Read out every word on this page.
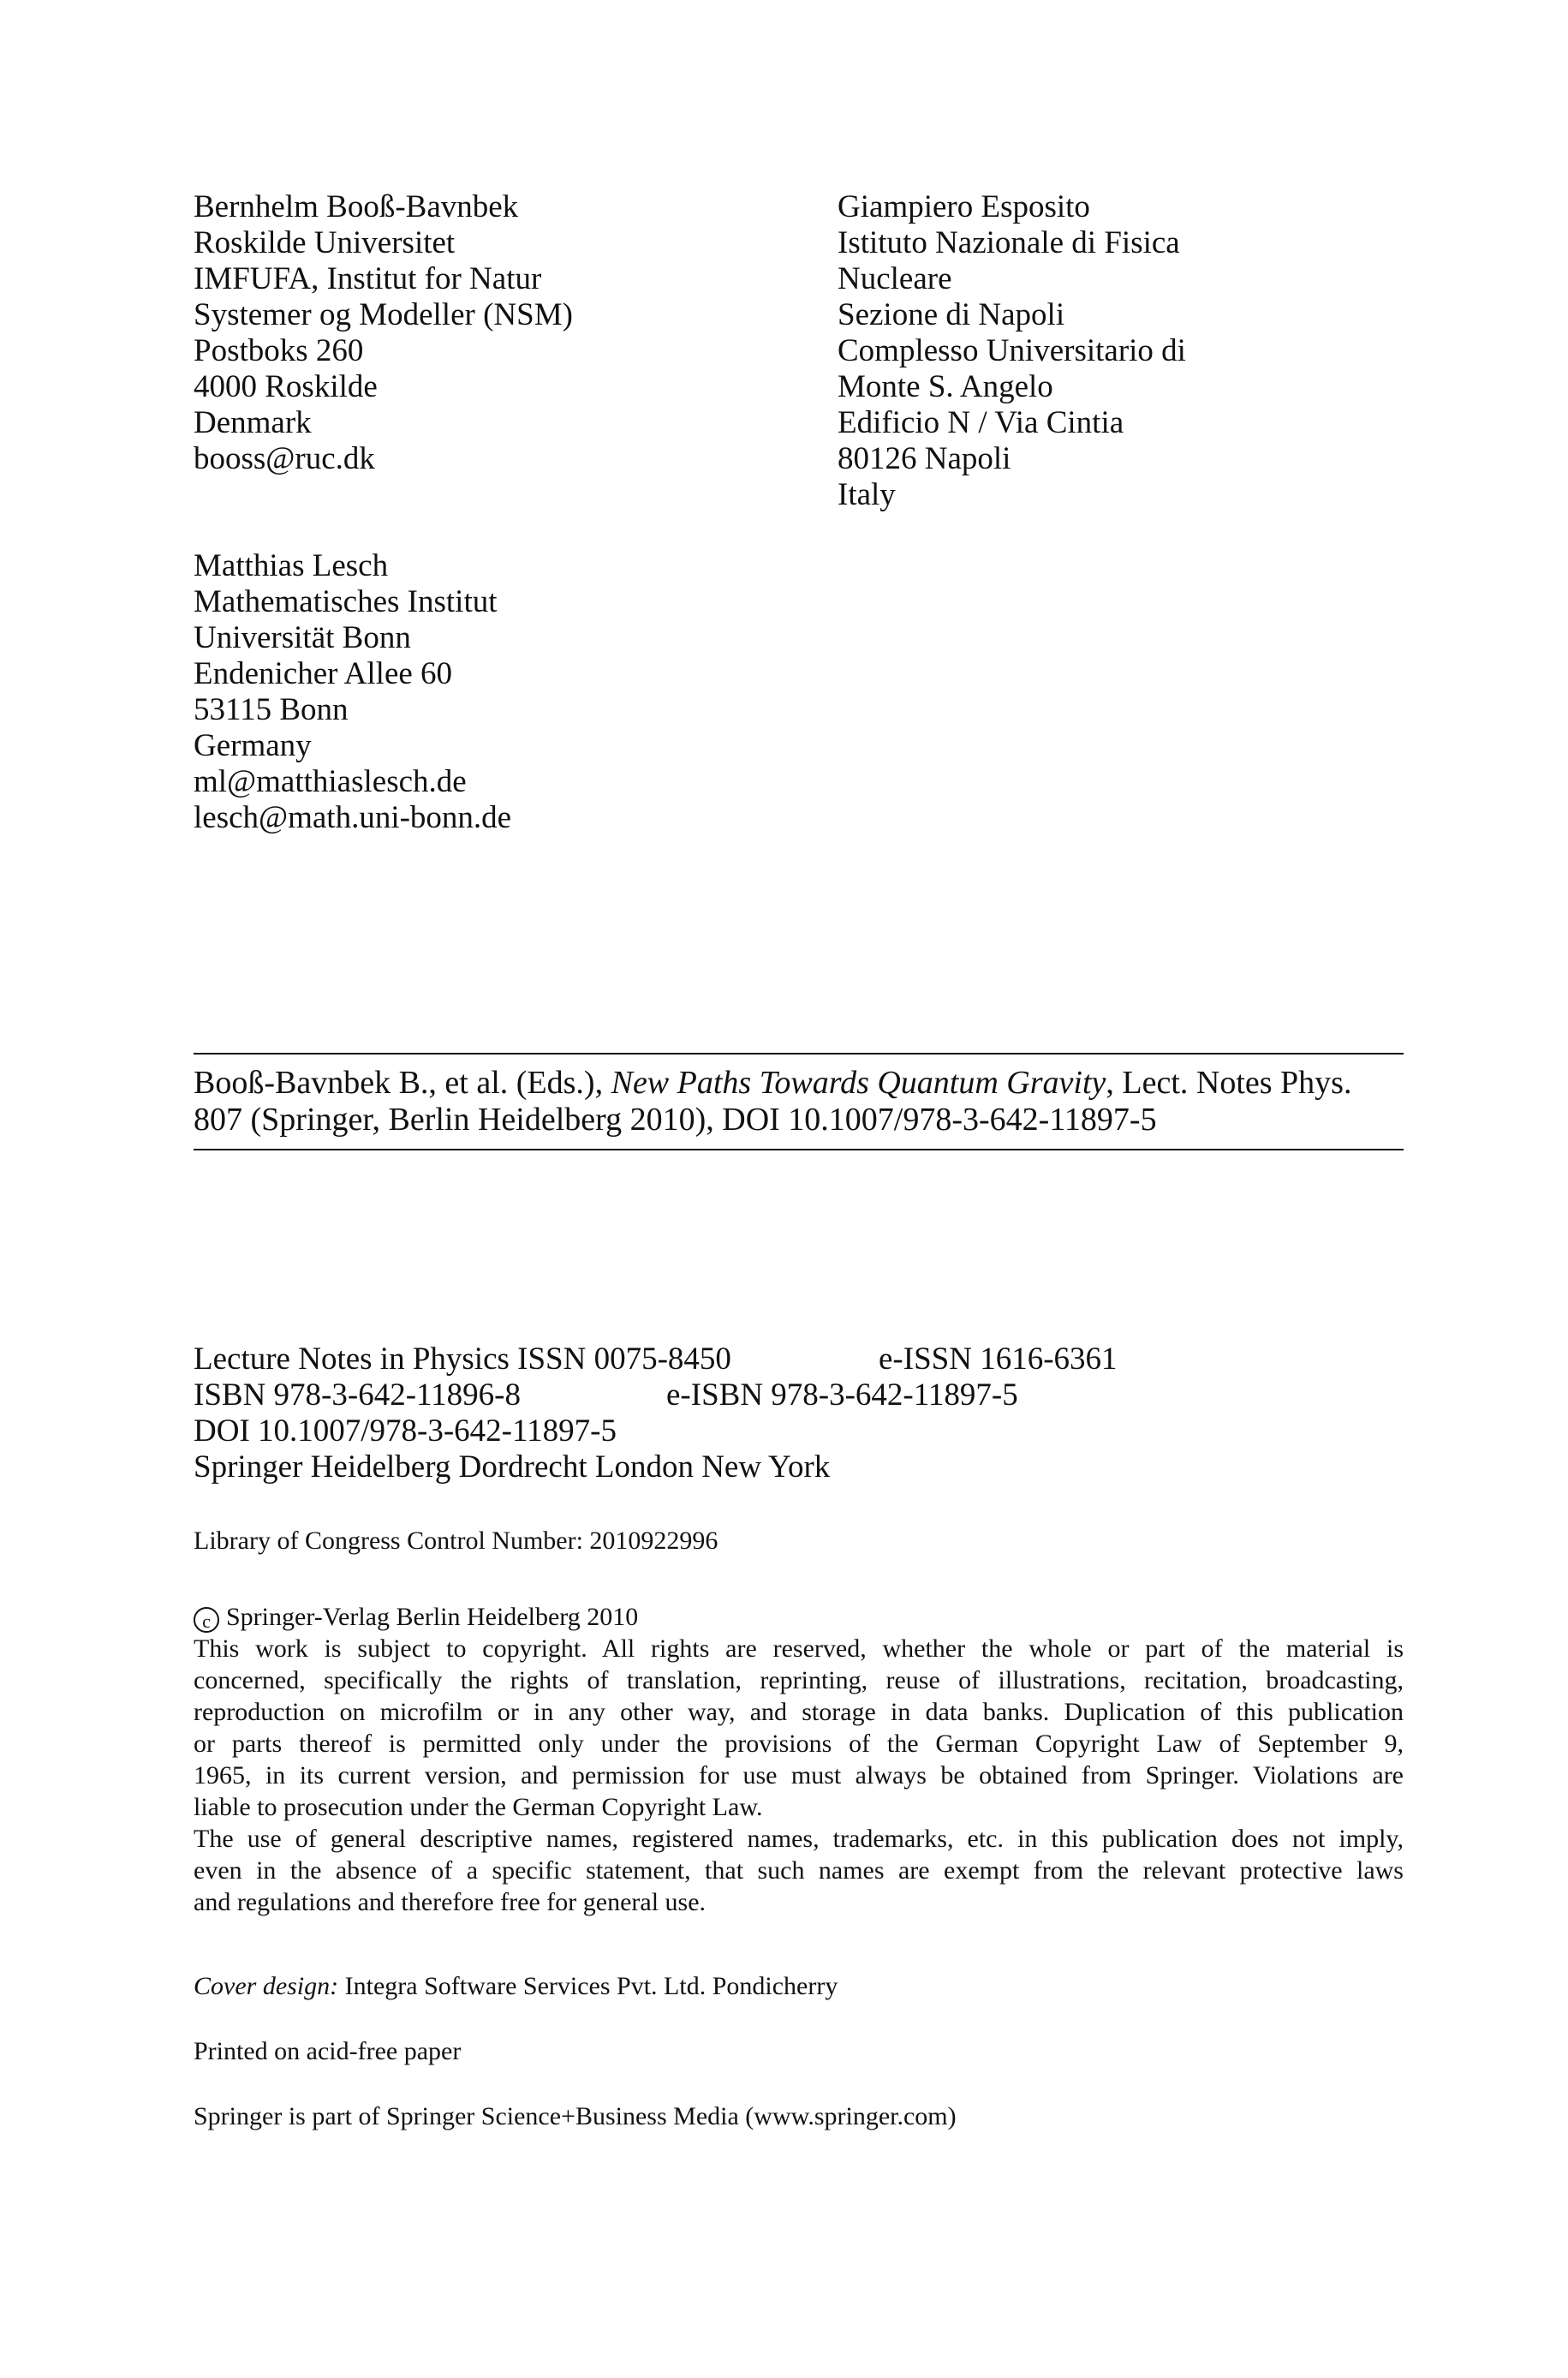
Bernhelm Booß-Bavnbek
Roskilde Universitet
IMFUFA, Institut for Natur
Systemer og Modeller (NSM)
Postboks 260
4000 Roskilde
Denmark
booss@ruc.dk
Giampiero Esposito
Istituto Nazionale di Fisica
Nucleare
Sezione di Napoli
Complesso Universitario di
Monte S. Angelo
Edificio N / Via Cintia
80126 Napoli
Italy
Matthias Lesch
Mathematisches Institut
Universität Bonn
Endenicher Allee 60
53115 Bonn
Germany
ml@matthiaslesch.de
lesch@math.uni-bonn.de
Booß-Bavnbek B., et al. (Eds.), New Paths Towards Quantum Gravity, Lect. Notes Phys.
807 (Springer, Berlin Heidelberg 2010), DOI 10.1007/978-3-642-11897-5
Lecture Notes in Physics ISSN 0075-8450	e-ISSN 1616-6361
ISBN 978-3-642-11896-8	e-ISBN 978-3-642-11897-5
DOI 10.1007/978-3-642-11897-5
Springer Heidelberg Dordrecht London New York
Library of Congress Control Number: 2010922996
c Springer-Verlag Berlin Heidelberg 2010
This work is subject to copyright. All rights are reserved, whether the whole or part of the material is
concerned, specifically the rights of translation, reprinting, reuse of illustrations, recitation, broadcasting,
reproduction on microfilm or in any other way, and storage in data banks. Duplication of this publication
or parts thereof is permitted only under the provisions of the German Copyright Law of September 9,
1965, in its current version, and permission for use must always be obtained from Springer. Violations are
liable to prosecution under the German Copyright Law.
The use of general descriptive names, registered names, trademarks, etc. in this publication does not imply,
even in the absence of a specific statement, that such names are exempt from the relevant protective laws
and regulations and therefore free for general use.
Cover design: Integra Software Services Pvt. Ltd. Pondicherry
Printed on acid-free paper
Springer is part of Springer Science+Business Media (www.springer.com)
